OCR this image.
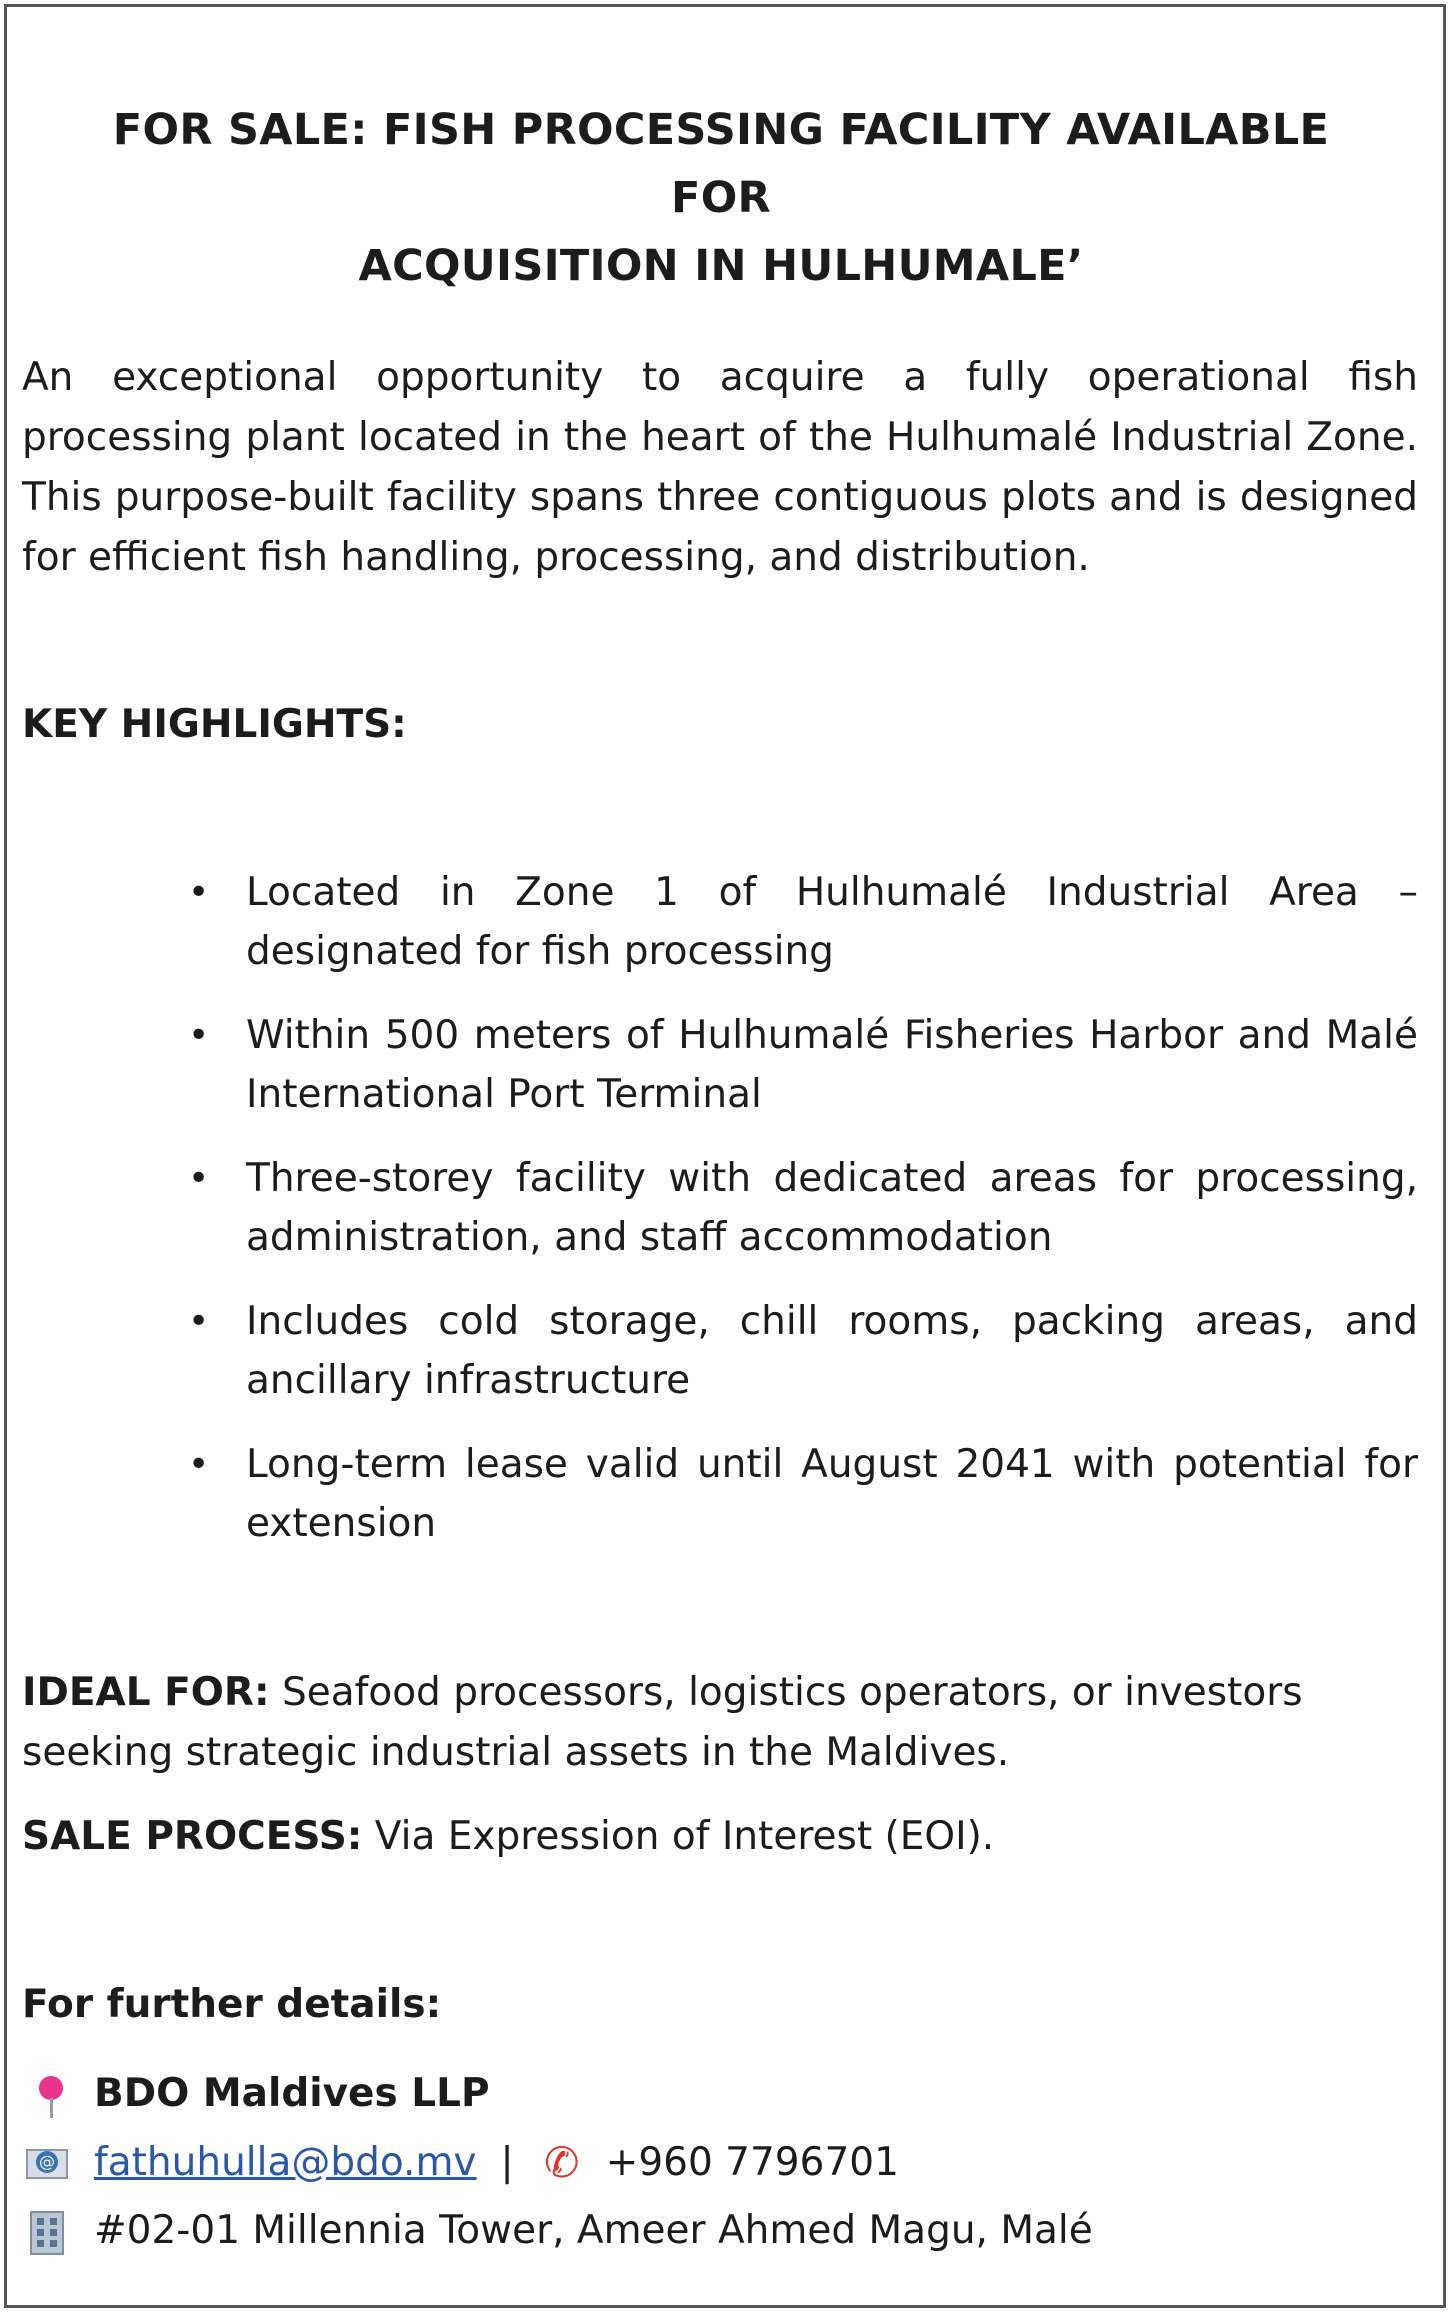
FOR SALE: FISH PROCESSING FACILITY AVAILABLE FOR
ACQUISITION IN HULHUMALE’

An exceptional opportunity to acquire a fully operational fish processing plant located in the heart of the Hulhumalé Industrial Zone. This purpose-built facility spans three contiguous plots and is designed for efficient fish handling, processing, and distribution.

KEY HIGHLIGHTS:

• Located in Zone 1 of Hulhumalé Industrial Area – designated for fish processing
• Within 500 meters of Hulhumalé Fisheries Harbor and Malé International Port Terminal
• Three-storey facility with dedicated areas for processing, administration, and staff accommodation
• Includes cold storage, chill rooms, packing areas, and ancillary infrastructure
• Long-term lease valid until August 2041 with potential for extension

IDEAL FOR: Seafood processors, logistics operators, or investors seeking strategic industrial assets in the Maldives.

SALE PROCESS: Via Expression of Interest (EOI).

For further details:

BDO Maldives LLP
@ fathuhulla@bdo.mv | ✆ +960 7796701
#02-01 Millennia Tower, Ameer Ahmed Magu, Malé
